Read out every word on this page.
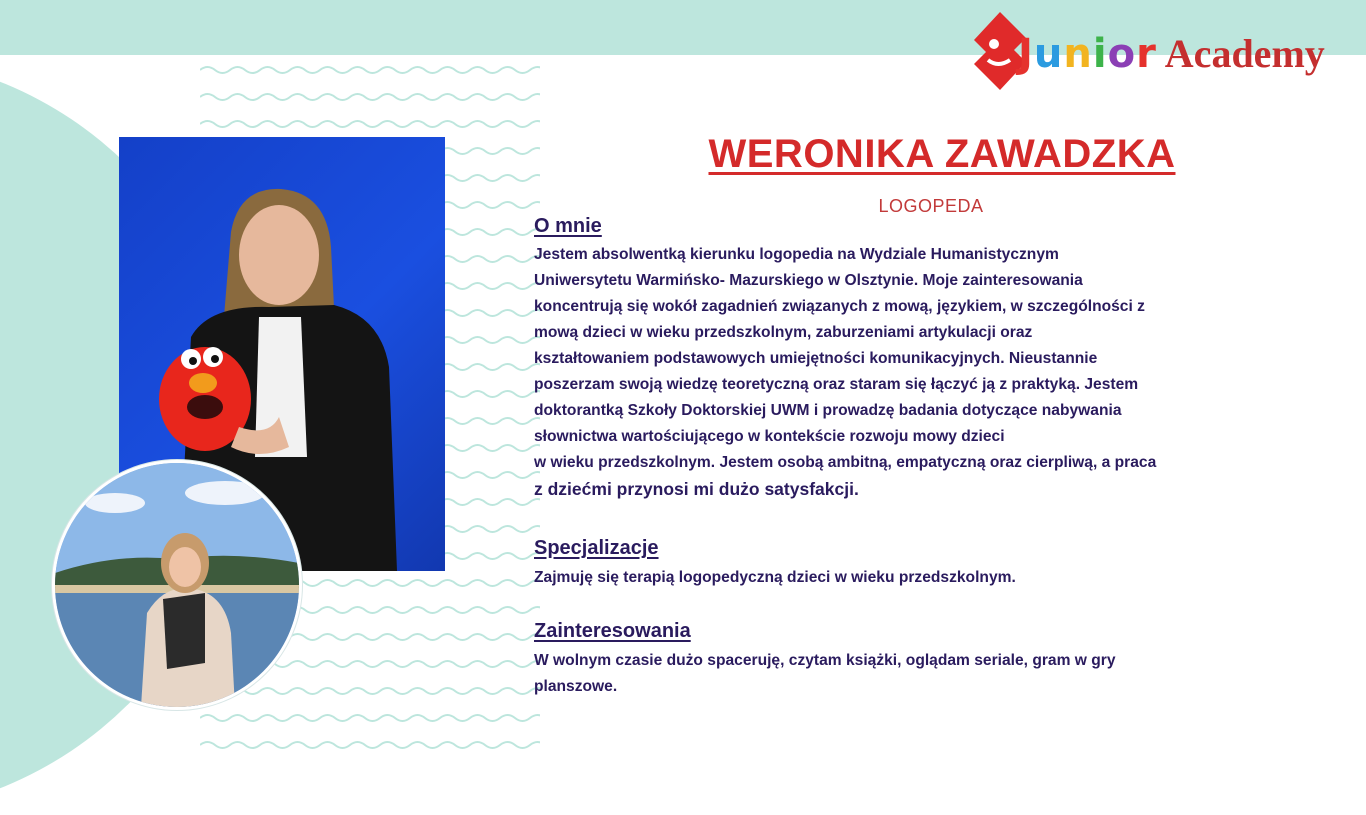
Junior Academy
WERONIKA ZAWADZKA
LOGOPEDA
O mnie
Jestem absolwentką kierunku logopedia na Wydziale Humanistycznym
Uniwersytetu Warmińsko- Mazurskiego w Olsztynie. Moje zainteresowania
koncentrują się wokół zagadnień związanych z mową, językiem, w szczególności z
mową dzieci w wieku przedszkolnym, zaburzeniami artykulacji oraz
kształtowaniem podstawowych umiejętności komunikacyjnych. Nieustannie
poszerzam swoją wiedzę teoretyczną oraz staram się łączyć ją z praktyką. Jestem
doktorantką Szkoły Doktorskiej UWM i prowadzę badania dotyczące nabywania
słownictwa wartościującego w kontekście rozwoju mowy dzieci
w wieku przedszkolnym. Jestem osobą ambitną, empatyczną oraz cierpliwą, a praca
z dziećmi przynosi mi dużo satysfakcji.
Specjalizacje
Zajmuję się terapią logopedyczną dzieci w wieku przedszkolnym.
Zainteresowania
W wolnym czasie dużo spaceruję, czytam książki, oglądam seriale, gram w gry
planszowe.
